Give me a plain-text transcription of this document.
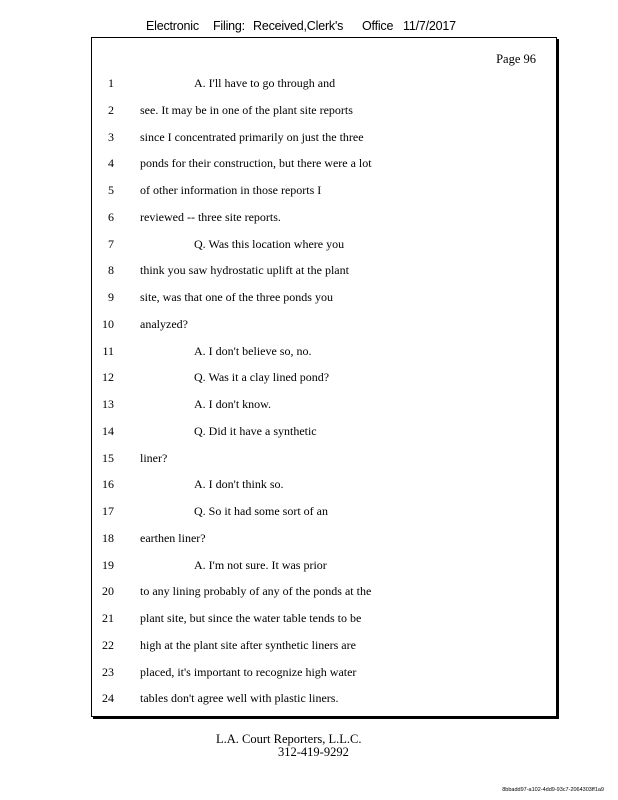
Electronic Filing: Received,Clerk's Office 11/7/2017
Page 96
1	A. I'll have to go through and
2 see. It may be in one of the plant site reports
3 since I concentrated primarily on just the three
4 ponds for their construction, but there were a lot
5 of other information in those reports I
6 reviewed -- three site reports.
7	Q. Was this location where you
8 think you saw hydrostatic uplift at the plant
9 site, was that one of the three ponds you
10 analyzed?
11	A. I don't believe so, no.
12	Q. Was it a clay lined pond?
13	A. I don't know.
14	Q. Did it have a synthetic
15 liner?
16	A. I don't think so.
17	Q. So it had some sort of an
18 earthen liner?
19	A. I'm not sure. It was prior
20 to any lining probably of any of the ponds at the
21 plant site, but since the water table tends to be
22 high at the plant site after synthetic liners are
23 placed, it's important to recognize high water
24 tables don't agree well with plastic liners.
L.A. Court Reporters, L.L.C.
312-419-9292
8bbadd97-a102-4dd9-93c7-2064303ff1a9
